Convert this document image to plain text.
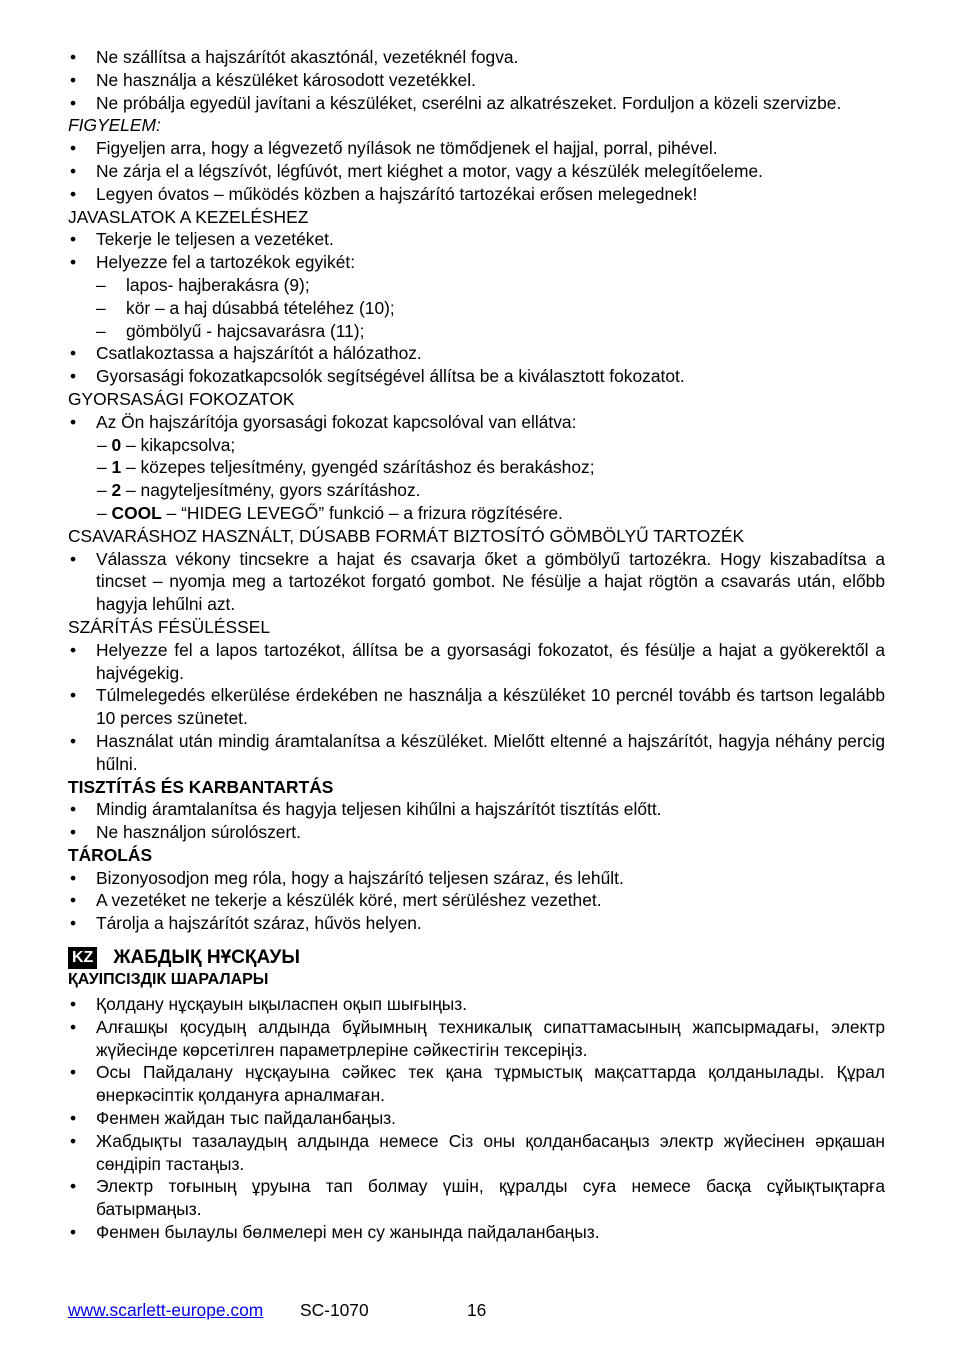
•	Ne szállítsa a hajszárítót akasztónál, vezetéknél fogva.
•	Ne használja a készüléket károsodott vezetékkel.
•	Ne próbálja egyedül javítani a készüléket, cserélni az alkatrészeket. Forduljon a közeli szervizbe.
FIGYELEM:
•	Figyeljen arra, hogy a légvezető nyílások ne tömődjenek el hajjal, porral, pihével.
•	Ne zárja el a légszívót, légfúvót, mert kiéghet a motor, vagy a készülék melegítőeleme.
•	Legyen óvatos – működés közben a hajszárító tartozékai erősen melegednek!
JAVASLATOK A KEZELÉSHEZ
•	Tekerje le teljesen a vezetéket.
•	Helyezze fel a tartozékok egyikét:
–	lapos- hajberakásra (9);
–	kör – a haj dúsabbá tételéhez (10);
–	gömbölyű - hajcsavarásra (11);
•	Csatlakoztassa a hajszárítót a hálózathoz.
•	Gyorsasági fokozatkapcsolók segítségével állítsa be a kiválasztott fokozatot.
GYORSASÁGI FOKOZATOK
•	Az Ön hajszárítója gyorsasági fokozat kapcsolóval van ellátva:
– 0 – kikapcsolva;
– 1 – közepes teljesítmény, gyengéd szárításhoz és berakáshoz;
– 2 – nagyteljesítmény, gyors szárításhoz.
– COOL – “HIDEG LEVEGŐ” funkció – a frizura rögzítésére.
CSAVARÁSHOZ HASZNÁLT, DÚSABB FORMÁT BIZTOSÍTÓ GÖMBÖLYŰ TARTOZÉK
•	Válassza vékony tincsekre a hajat és csavarja őket a gömbölyű tartozékra. Hogy kiszabadítsa a tincset – nyomja meg a tartozékot forgató gombot. Ne fésülje a hajat rögtön a csavarás után, előbb hagyja lehűlni azt.
SZÁRÍTÁS FÉSÜLÉSSEL
•	Helyezze fel a lapos tartozékot, állítsa be a gyorsasági fokozatot, és fésülje a hajat a gyökerektől a hajvégekig.
•	Túlmelegedés elkerülése érdekében ne használja a készüléket 10 percnél tovább és tartson legalább 10 perces szünetet.
•	Használat után mindig áramtalanítsa a készüléket. Mielőtt eltenné a hajszárítót, hagyja néhány percig hűlni.
TISZTÍTÁS ÉS KARBANTARTÁS
•	Mindig áramtalanítsa és hagyja teljesen kihűlni a hajszárítót tisztítás előtt.
•	Ne használjon súrolószert.
TÁROLÁS
•	Bizonyosodjon meg róla, hogy a hajszárító teljesen száraz, és lehűlt.
•	A vezetéket ne tekerje a készülék köré, mert sérüléshez vezethet.
•	Tárolja a hajszárítót száraz, hűvös helyen.
KZ ЖАБДЫҚ НҰСҚАУЫ
ҚАУІПСІЗДІК ШАРАЛАРЫ
•	Қолдану нұсқауын ықыласпен оқып шығыңыз.
•	Алғашқы қосудың алдында бұйымның техникалық сипаттамасының жапсырмадағы, электр жүйесінде көрсетілген параметрлеріне сәйкестігін тексеріңіз.
•	Осы Пайдалану нұсқауына сәйкес тек қана тұрмыстық мақсаттарда қолданылады. Құрал өнеркәсіптік қолдануға арналмаған.
•	Фенмен жайдан тыс пайдаланбаңыз.
•	Жабдықты тазалаудың алдында немесе Сіз оны қолданбасаңыз электр жүйесінен әрқашан сөндіріп тастаңыз.
•	Электр тоғының ұруына тап болмау үшін, құралды суға немесе басқа сұйықтықтарға батырмаңыз.
•	Фенмен былаулы бөлмелері мен су жанында пайдаланбаңыз.
www.scarlett-europe.com SC-1070	16
